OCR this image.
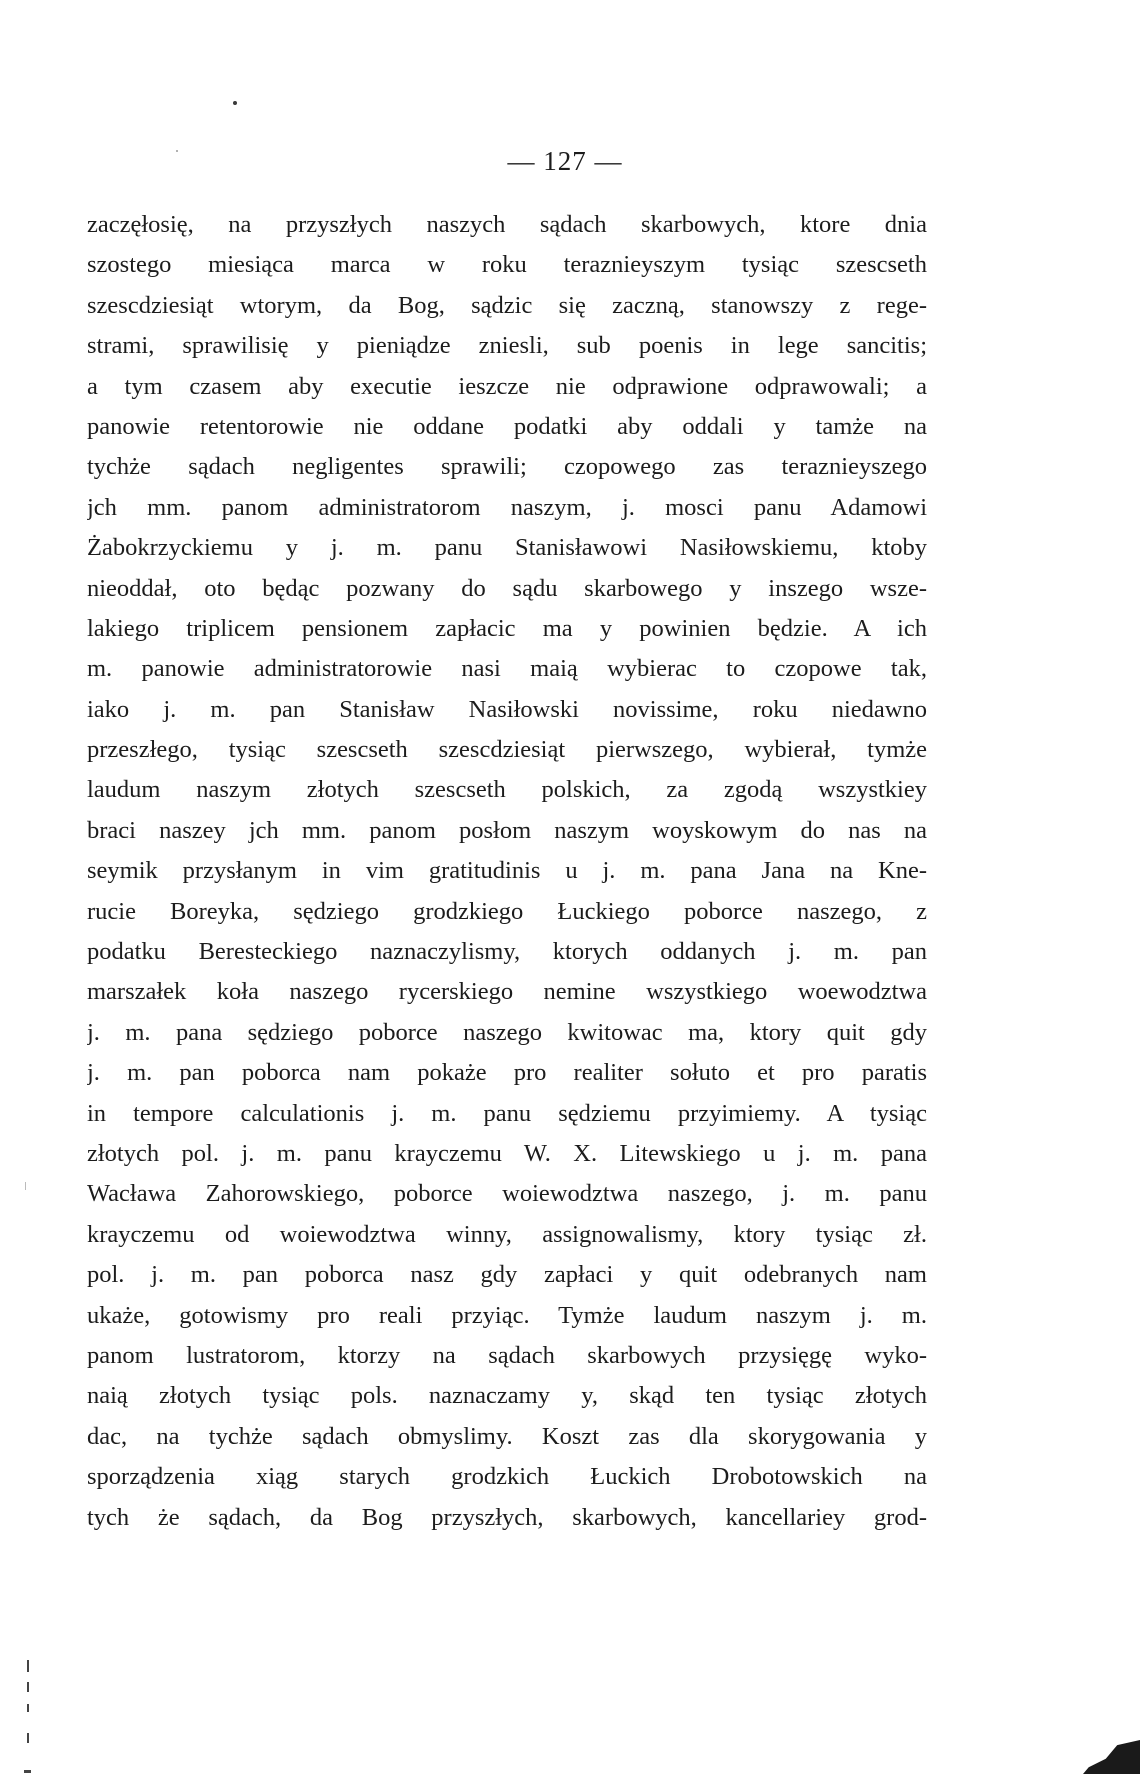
— 127 —
zaczęłosię, na przyszłych naszych sądach skarbowych, ktore dnia
szostego miesiąca marca w roku teraznieyszym tysiąc szescseth
szescdziesiąt wtorym, da Bog, sądzic się zaczną, stanowszy z rege-
strami, sprawilisię y pieniądze zniesli, sub poenis in lege sancitis;
a tym czasem aby executie ieszcze nie odprawione odprawowali; a
panowie retentorowie nie oddane podatki aby oddali y tamże na
tychże sądach negligentes sprawili; czopowego zas teraznieyszego
jch mm. panom administratorom naszym, j. mosci panu Adamowi
Żabokrzyckiemu y j. m. panu Stanisławowi Nasiłowskiemu, ktoby
nieoddał, oto będąc pozwany do sądu skarbowego y inszego wsze-
lakiego triplicem pensionem zapłacic ma y powinien będzie. A ich
m. panowie administratorowie nasi maią wybierac to czopowe tak,
iako j. m. pan Stanisław Nasiłowski novissime, roku niedawno
przeszłego, tysiąc szescseth szescdziesiąt pierwszego, wybierał, tymże
laudum naszym złotych szescseth polskich, za zgodą wszystkiey
braci naszey jch mm. panom posłom naszym woyskowym do nas na
seymik przysłanym in vim gratitudinis u j. m. pana Jana na Kne-
rucie Boreyka, sędziego grodzkiego Łuckiego poborce naszego, z
podatku Beresteckiego naznaczylismy, ktorych oddanych j. m. pan
marszałek koła naszego rycerskiego nemine wszystkiego woewodztwa
j. m. pana sędziego poborce naszego kwitowac ma, ktory quit gdy
j. m. pan poborca nam pokaże pro realiter sołuto et pro paratis
in tempore calculationis j. m. panu sędziemu przyimiemy. A tysiąc
złotych pol. j. m. panu krayczemu W. X. Litewskiego u j. m. pana
Wacława Zahorowskiego, poborce woiewodztwa naszego, j. m. panu
krayczemu od woiewodztwa winny, assignowalismy, ktory tysiąc zł.
pol. j. m. pan poborca nasz gdy zapłaci y quit odebranych nam
ukaże, gotowismy pro reali przyiąc. Tymże laudum naszym j. m.
panom lustratorom, ktorzy na sądach skarbowych przysięgę wyko-
naią złotych tysiąc pols. naznaczamy y, skąd ten tysiąc złotych
dac, na tychże sądach obmyslimy. Koszt zas dla skorygowania y
sporządzenia xiąg starych grodzkich Łuckich Drobotowskich na
tych że sądach, da Bog przyszłych, skarbowych, kancellariey grod-
